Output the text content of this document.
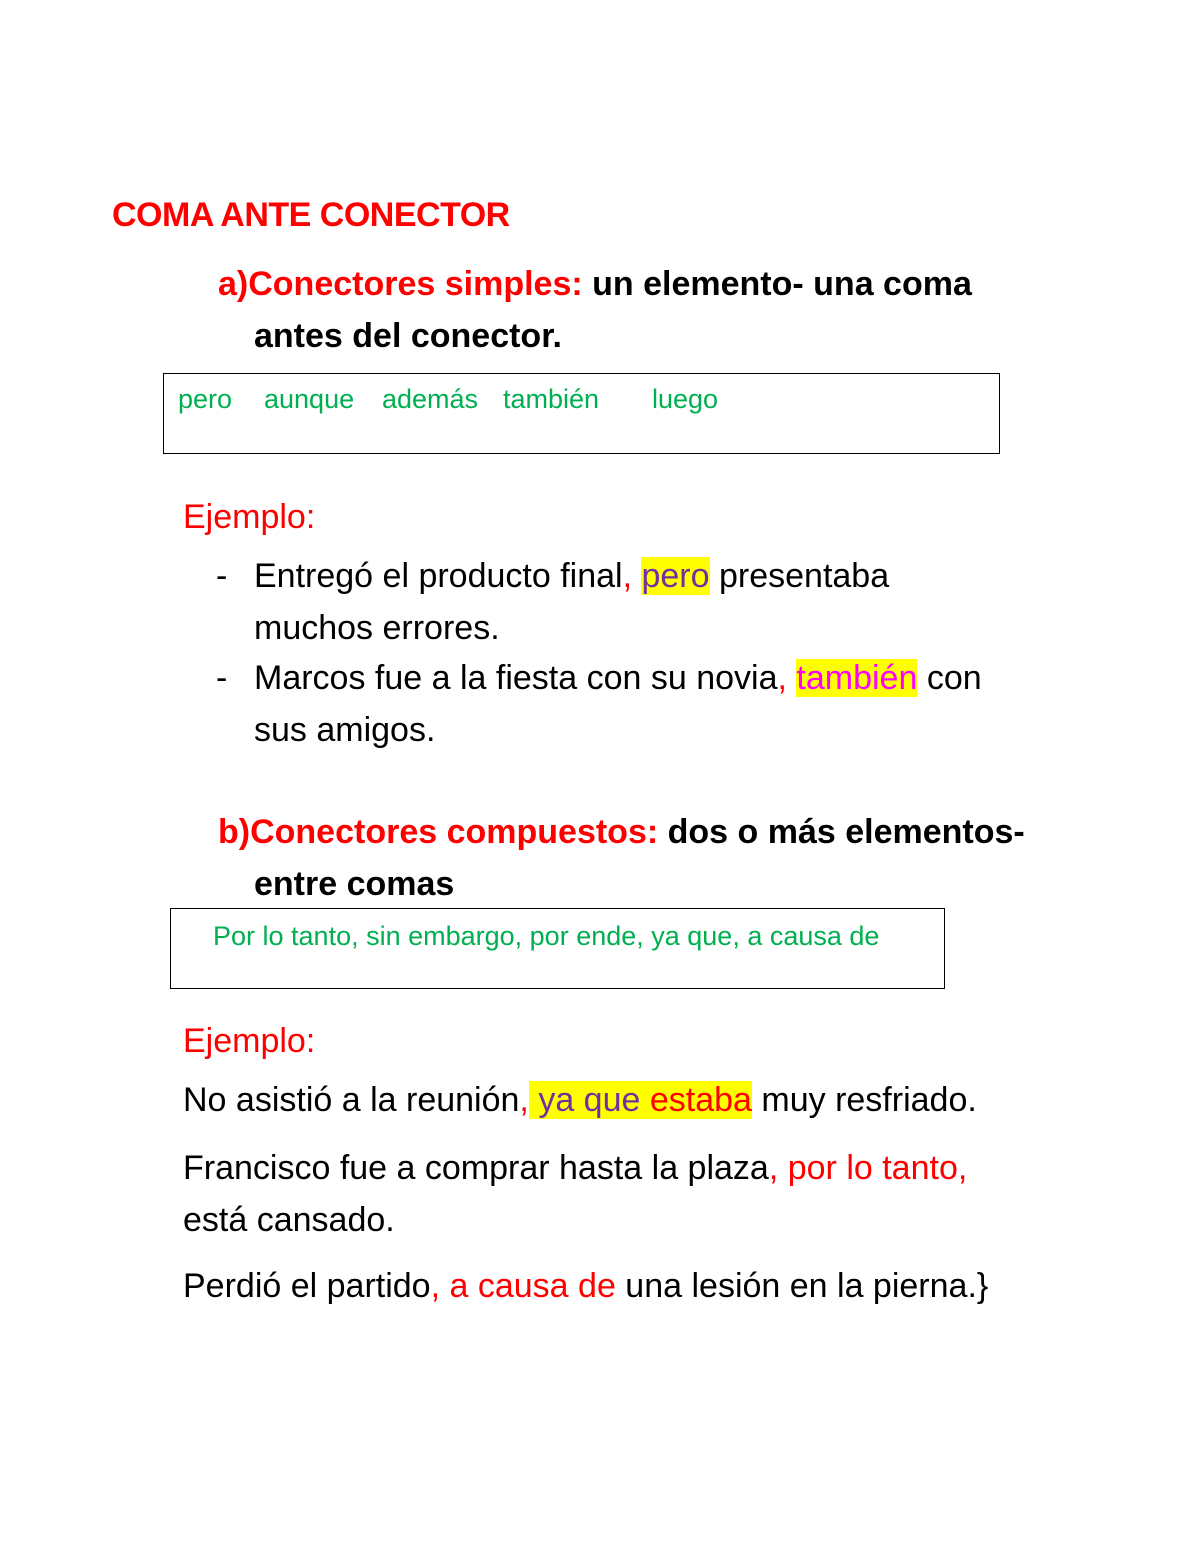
COMA ANTE CONECTOR
a)Conectores simples: un elemento- una coma
antes del conector.
pero aunque además también luego
Ejemplo:
- Entregó el producto final, pero presentaba
muchos errores.
- Marcos fue a la fiesta con su novia, también con
sus amigos.
b)Conectores compuestos: dos o más elementos-
entre comas
Por lo tanto, sin embargo, por ende, ya que, a causa de
Ejemplo:
No asistió a la reunión, ya que estaba muy resfriado.
Francisco fue a comprar hasta la plaza, por lo tanto,
está cansado.
Perdió el partido, a causa de una lesión en la pierna.}
